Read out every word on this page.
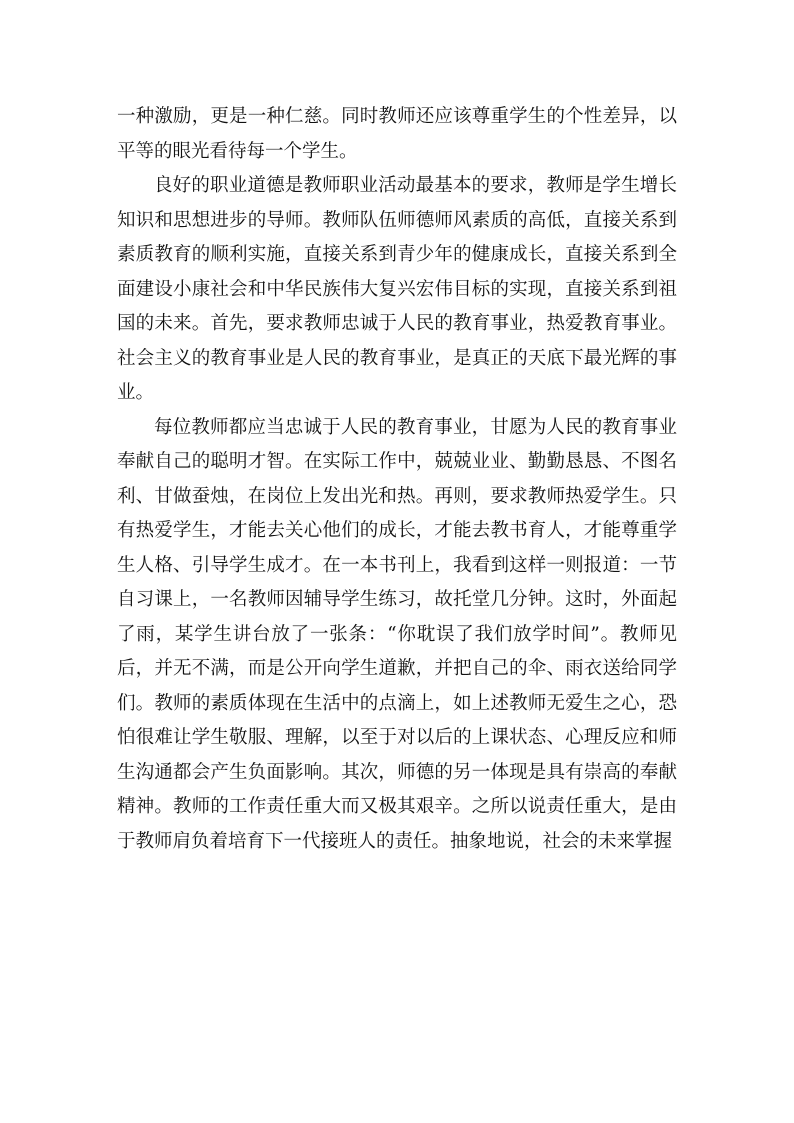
一种激励，更是一种仁慈。同时教师还应该尊重学生的个性差异，以平等的眼光看待每一个学生。

良好的职业道德是教师职业活动最基本的要求，教师是学生增长知识和思想进步的导师。教师队伍师德师风素质的高低，直接关系到素质教育的顺利实施，直接关系到青少年的健康成长，直接关系到全面建设小康社会和中华民族伟大复兴宏伟目标的实现，直接关系到祖国的未来。首先，要求教师忠诚于人民的教育事业，热爱教育事业。社会主义的教育事业是人民的教育事业，是真正的天底下最光辉的事业。

每位教师都应当忠诚于人民的教育事业，甘愿为人民的教育事业奉献自己的聪明才智。在实际工作中，兢兢业业、勤勤恳恳、不图名利、甘做蚕烛，在岗位上发出光和热。再则，要求教师热爱学生。只有热爱学生，才能去关心他们的成长，才能去教书育人，才能尊重学生人格、引导学生成才。在一本书刊上，我看到这样一则报道：一节自习课上，一名教师因辅导学生练习，故托堂几分钟。这时，外面起了雨，某学生讲台放了一张条：“你耽误了我们放学时间”。教师见后，并无不满，而是公开向学生道歉，并把自己的伞、雨衣送给同学们。教师的素质体现在生活中的点滴上，如上述教师无爱生之心，恐怕很难让学生敬服、理解，以至于对以后的上课状态、心理反应和师生沟通都会产生负面影响。其次，师德的另一体现是具有崇高的奉献精神。教师的工作责任重大而又极其艰辛。之所以说责任重大，是由于教师肩负着培育下一代接班人的责任。抽象地说，社会的未来掌握
